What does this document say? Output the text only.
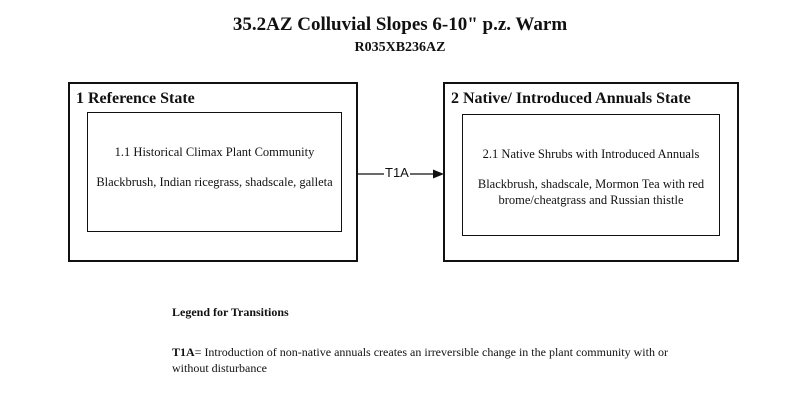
35.2AZ Colluvial Slopes 6-10" p.z. Warm
R035XB236AZ
1 Reference State
1.1 Historical Climax Plant Community
Blackbrush, Indian ricegrass, shadscale, galleta
T1A
2 Native/ Introduced Annuals State
2.1 Native Shrubs with Introduced Annuals
Blackbrush, shadscale, Mormon Tea with red brome/cheatgrass and Russian thistle
Legend for Transitions
T1A= Introduction of non-native annuals creates an irreversible change in the plant community with or without disturbance
